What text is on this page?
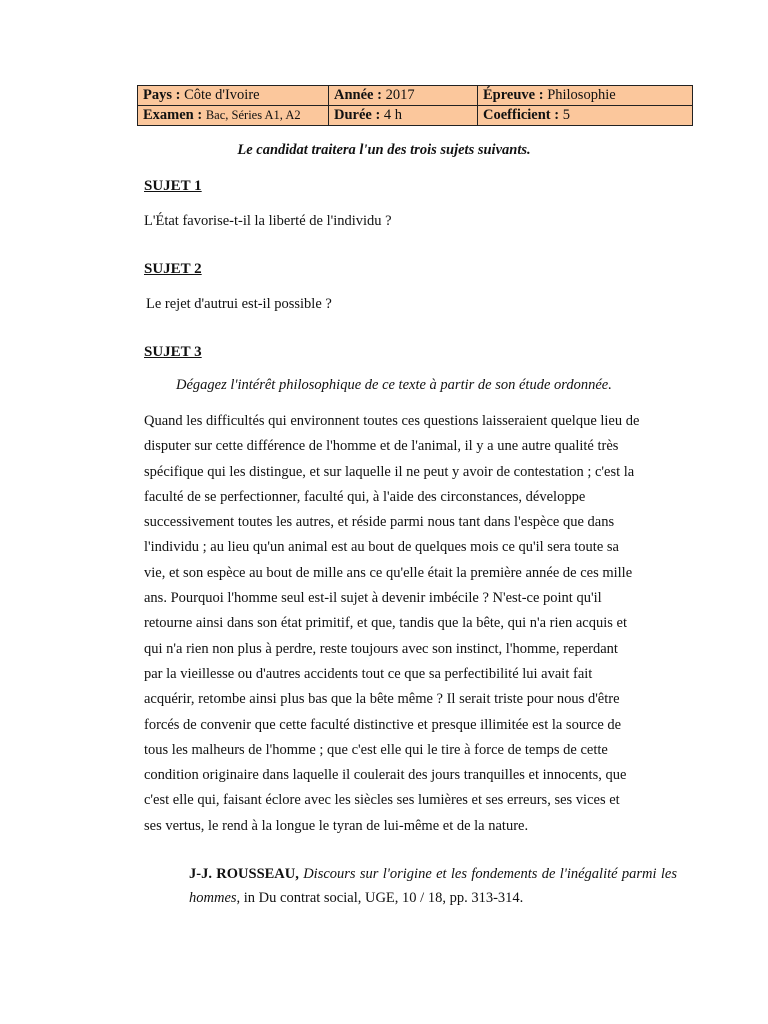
Pays : Côte d'Ivoire	Année : 2017	Épreuve : Philosophie
Examen : Bac, Séries A1, A2	Durée : 4 h	Coefficient : 5
Le candidat traitera l'un des trois sujets suivants.
SUJET 1
L'État favorise-t-il la liberté de l'individu ?
SUJET 2
Le rejet d'autrui est-il possible ?
SUJET 3
Dégagez l'intérêt philosophique de ce texte à partir de son étude ordonnée.
Quand les difficultés qui environnent toutes ces questions laisseraient quelque lieu de
disputer sur cette différence de l'homme et de l'animal, il y a une autre qualité très
spécifique qui les distingue, et sur laquelle il ne peut y avoir de contestation ; c'est la
faculté de se perfectionner, faculté qui, à l'aide des circonstances, développe
successivement toutes les autres, et réside parmi nous tant dans l'espèce que dans
l'individu ; au lieu qu'un animal est au bout de quelques mois ce qu'il sera toute sa
vie, et son espèce au bout de mille ans ce qu'elle était la première année de ces mille
ans. Pourquoi l'homme seul est-il sujet à devenir imbécile ? N'est-ce point qu'il
retourne ainsi dans son état primitif, et que, tandis que la bête, qui n'a rien acquis et
qui n'a rien non plus à perdre, reste toujours avec son instinct, l'homme, reperdant
par la vieillesse ou d'autres accidents tout ce que sa perfectibilité lui avait fait
acquérir, retombe ainsi plus bas que la bête même ? Il serait triste pour nous d'être
forcés de convenir que cette faculté distinctive et presque illimitée est la source de
tous les malheurs de l'homme ; que c'est elle qui le tire à force de temps de cette
condition originaire dans laquelle il coulerait des jours tranquilles et innocents, que
c'est elle qui, faisant éclore avec les siècles ses lumières et ses erreurs, ses vices et
ses vertus, le rend à la longue le tyran de lui-même et de la nature.
J-J. ROUSSEAU, Discours sur l'origine et les fondements de l'inégalité parmi les hommes, in Du contrat social, UGE, 10 / 18, pp. 313-314.
